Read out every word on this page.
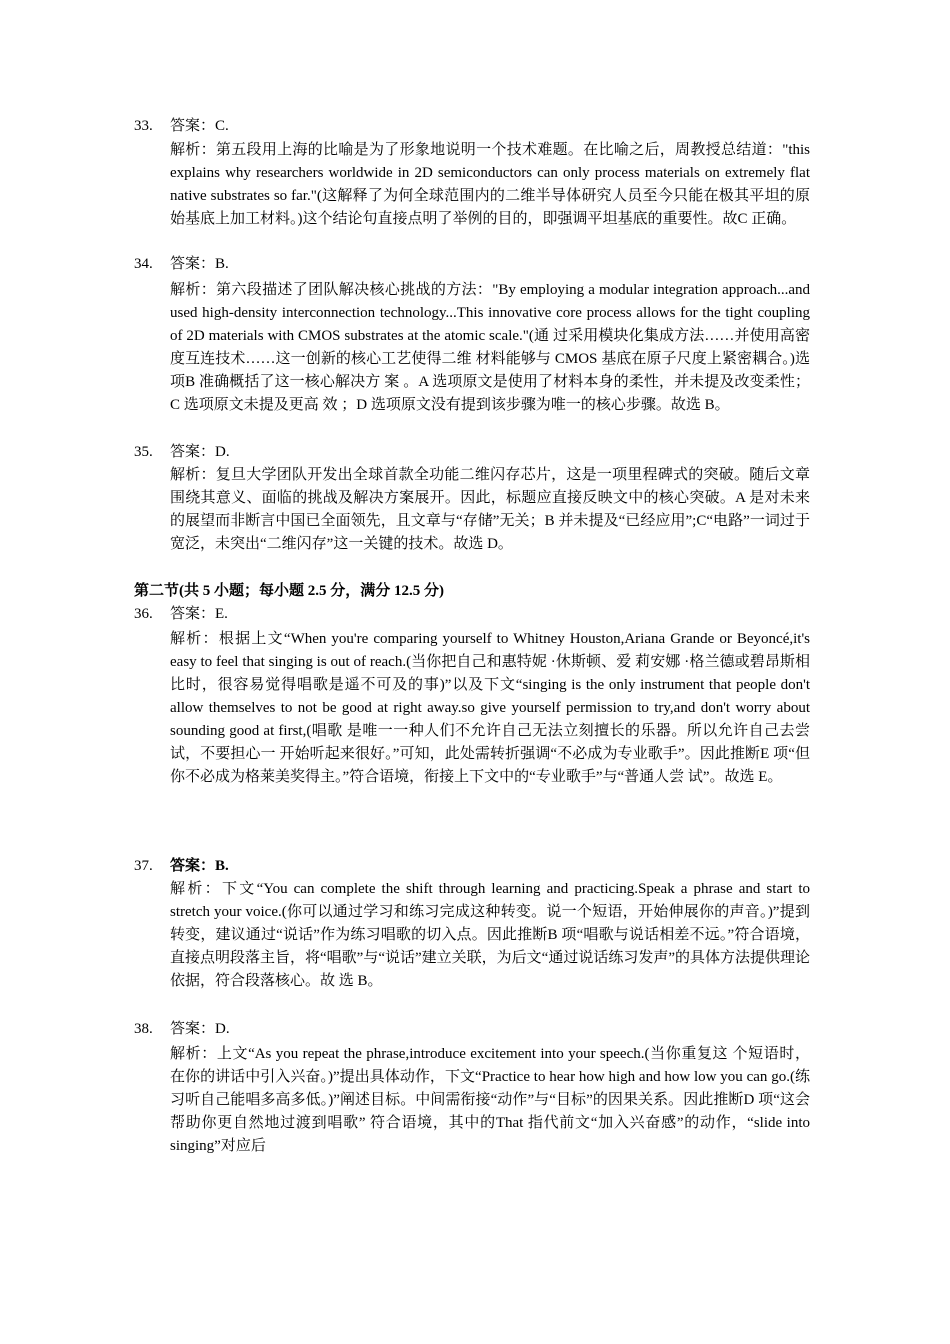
33. 答案：C.
解析：第五段用上海的比喻是为了形象地说明一个技术难题。在比喻之后，周教授总结道："this explains why researchers worldwide in 2D semiconductors can only process materials on extremely flat native substrates so far."(这解释了为何全球范围内的二维半导体研究人员至今只能在极其平坦的原始基底上加工材料。)这个结论句直接点明了举例的目的，即强调平坦基底的重要性。故C 正确。
34. 答案：B.
解析：第六段描述了团队解决核心挑战的方法："By employing a modular integration approach...and used high-density interconnection technology...This innovative core process allows for the tight coupling of 2D materials with CMOS substrates at the atomic scale."(通 过采用模块化集成方法……并使用高密度互连技术……这一创新的核心工艺使得二维 材料能够与 CMOS 基底在原子尺度上紧密耦合。)选项B 准确概括了这一核心解决方 案 。A 选项原文是使用了材料本身的柔性，并未提及改变柔性；C 选项原文未提及更高 效 ；D 选项原文没有提到该步骤为唯一的核心步骤。故选 B。
35. 答案：D.
解析：复旦大学团队开发出全球首款全功能二维闪存芯片，这是一项里程碑式的突破。随后文章围绕其意义、面临的挑战及解决方案展开。因此，标题应直接反映文中的核心突破。A 是对未来的展望而非断言中国已全面领先，且文章与“存储”无关；B 并未提及“已经应用”;C“电路”一词过于宽泛，未突出“二维闪存”这一关键的技术。故选 D。
第二节(共 5 小题；每小题 2.5 分，满分 12.5 分)
36. 答案：E.
解析：根据上文“When you're comparing yourself to Whitney Houston,Ariana Grande or Beyoncé,it's easy to feel that singing is out of reach.(当你把自己和惠特妮 ·休斯顿、爱 莉安娜 ·格兰德或碧昂斯相比时，很容易觉得唱歌是遥不可及的事)”以及下文“singing is the only instrument that people don't allow themselves to not be good at right away.so give yourself permission to try,and don't worry about sounding good at first,(唱歌 是唯一一种人们不允许自己无法立刻擅长的乐器。所以允许自己去尝试，不要担心一 开始听起来很好。”可知，此处需转折强调“不必成为专业歌手”。因此推断E 项“但 你不必成为格莱美奖得主。”符合语境，衔接上下文中的“专业歌手”与“普通人尝 试”。故选 E。
37. 答案：B.
解析：下文“You can complete the shift through learning and practicing.Speak a phrase and start to stretch your voice.(你可以通过学习和练习完成这种转变。说一个短语，开始伸展你的声音。)”提到转变，建议通过“说话”作为练习唱歌的切入点。因此推断B 项“唱歌与说话相差不远。”符合语境，直接点明段落主旨，将“唱歌”与“说话”建立关联，为后文“通过说话练习发声”的具体方法提供理论依据，符合段落核心。故 选 B。
38. 答案：D.
解析：上文“As you repeat the phrase,introduce excitement into your speech.(当你重复这 个短语时，在你的讲话中引入兴奋。)”提出具体动作，下文“Practice to hear how high and how low you can go.(练习听自己能唱多高多低。)”阐述目标。中间需衔接“动作”与“目标”的因果关系。因此推断D 项“这会帮助你更自然地过渡到唱歌” 符合语境，其中的That 指代前文“加入兴奋感”的动作，“slide into singing”对应后
